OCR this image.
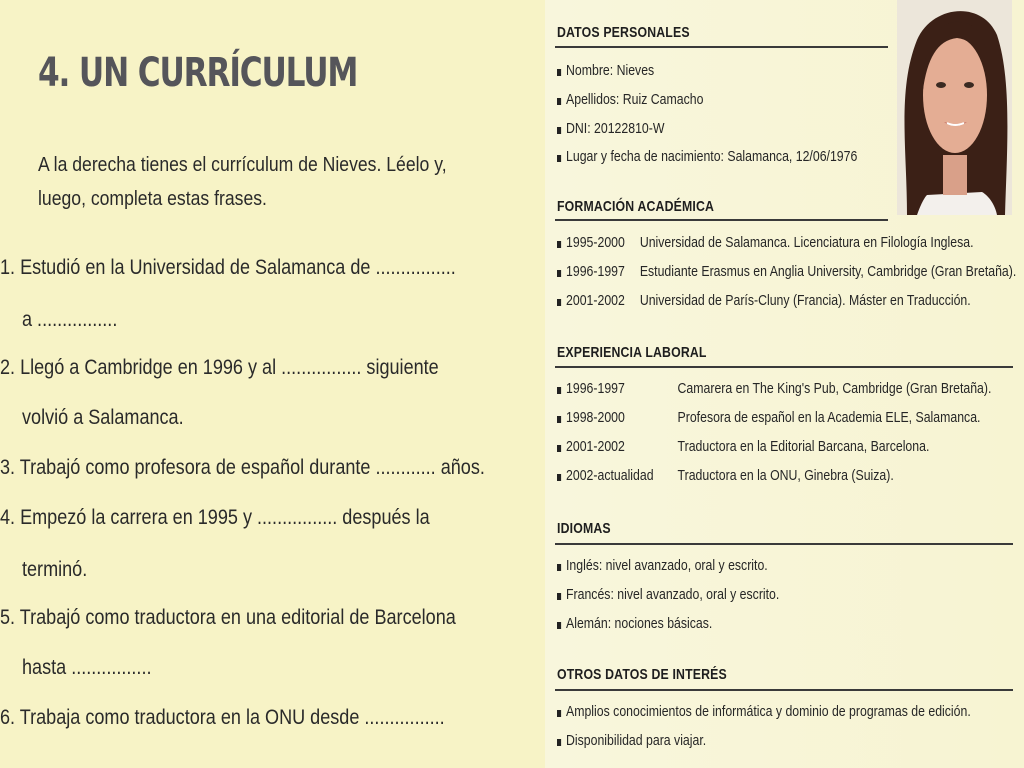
4. UN CURRÍCULUM
A la derecha tienes el currículum de Nieves. Léelo y,
luego, completa estas frases.
1. Estudió en la Universidad de Salamanca de ................
a ................
2. Llegó a Cambridge en 1996 y al ................ siguiente
volvió a Salamanca.
3. Trabajó como profesora de español durante ............ años.
4. Empezó la carrera en 1995 y ................ después la
terminó.
5. Trabajó como traductora en una editorial de Barcelona
hasta ................
6. Trabaja como traductora en la ONU desde ................
DATOS PERSONALES
Nombre: Nieves
Apellidos: Ruiz Camacho
DNI: 20122810-W
Lugar y fecha de nacimiento: Salamanca, 12/06/1976
FORMACIÓN ACADÉMICA
1995-2000 Universidad de Salamanca. Licenciatura en Filología Inglesa.
1996-1997 Estudiante Erasmus en Anglia University, Cambridge (Gran Bretaña).
2001-2002 Universidad de París-Cluny (Francia). Máster en Traducción.
EXPERIENCIA LABORAL
1996-1997	Camarera en The King's Pub, Cambridge (Gran Bretaña).
1998-2000	Profesora de español en la Academia ELE, Salamanca.
2001-2002	Traductora en la Editorial Barcana, Barcelona.
2002-actualidad Traductora en la ONU, Ginebra (Suiza).
IDIOMAS
Inglés: nivel avanzado, oral y escrito.
Francés: nivel avanzado, oral y escrito.
Alemán: nociones básicas.
OTROS DATOS DE INTERÉS
Amplios conocimientos de informática y dominio de programas de edición.
Disponibilidad para viajar.
